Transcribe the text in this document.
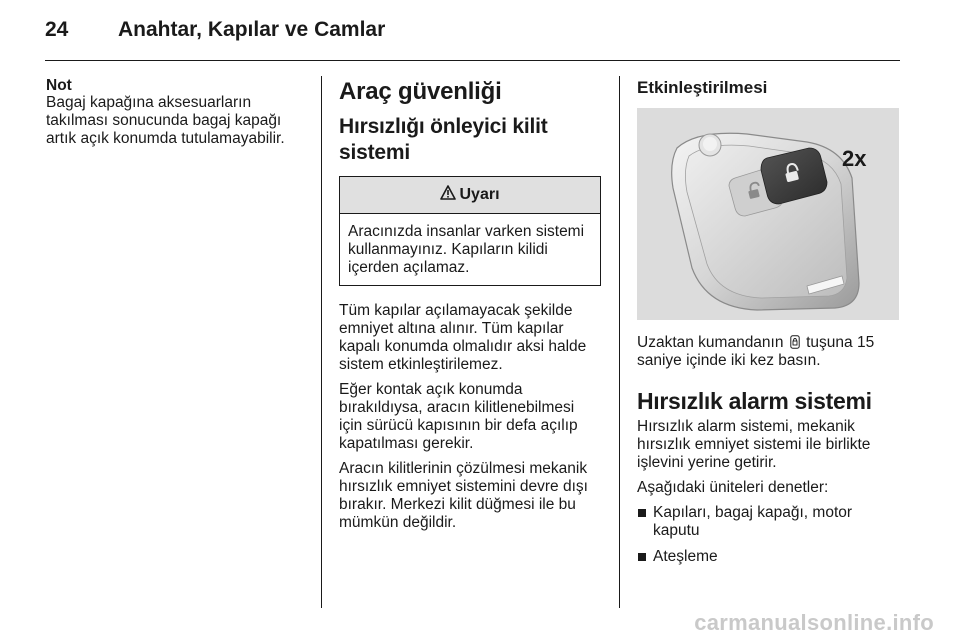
24 Anahtar, Kapılar ve Camlar
Not

Bagaj kapağına aksesuarların takılması sonucunda bagaj kapağı artık açık konumda tutulamayabilir.

Araç güvenliği
Hırsızlığı önleyici kilit sistemi
Uyarı
Aracınızda insanlar varken sistemi kullanmayınız. Kapıların kilidi içerden açılamaz.

Tüm kapılar açılamayacak şekilde emniyet altına alınır. Tüm kapılar kapalı konumda olmalıdır aksi halde sistem etkinleştirilemez.

Eğer kontak açık konumda bırakıldıysa, aracın kilitlenebilmesi için sürücü kapısının bir defa açılıp kapatılması gerekir.

Aracın kilitlerinin çözülmesi mekanik hırsızlık emniyet sistemini devre dışı bırakır. Merkezi kilit düğmesi ile bu mümkün değildir.

Etkinleştirilmesi
2x

Uzaktan kumandanın tuşuna 15 saniye içinde iki kez basın.

Hırsızlık alarm sistemi

Hırsızlık alarm sistemi, mekanik hırsızlık emniyet sistemi ile birlikte işlevini yerine getirir.

Aşağıdaki üniteleri denetler:

Kapıları, bagaj kapağı, motor kaputu
Ateşleme
carmanualsonline.info
